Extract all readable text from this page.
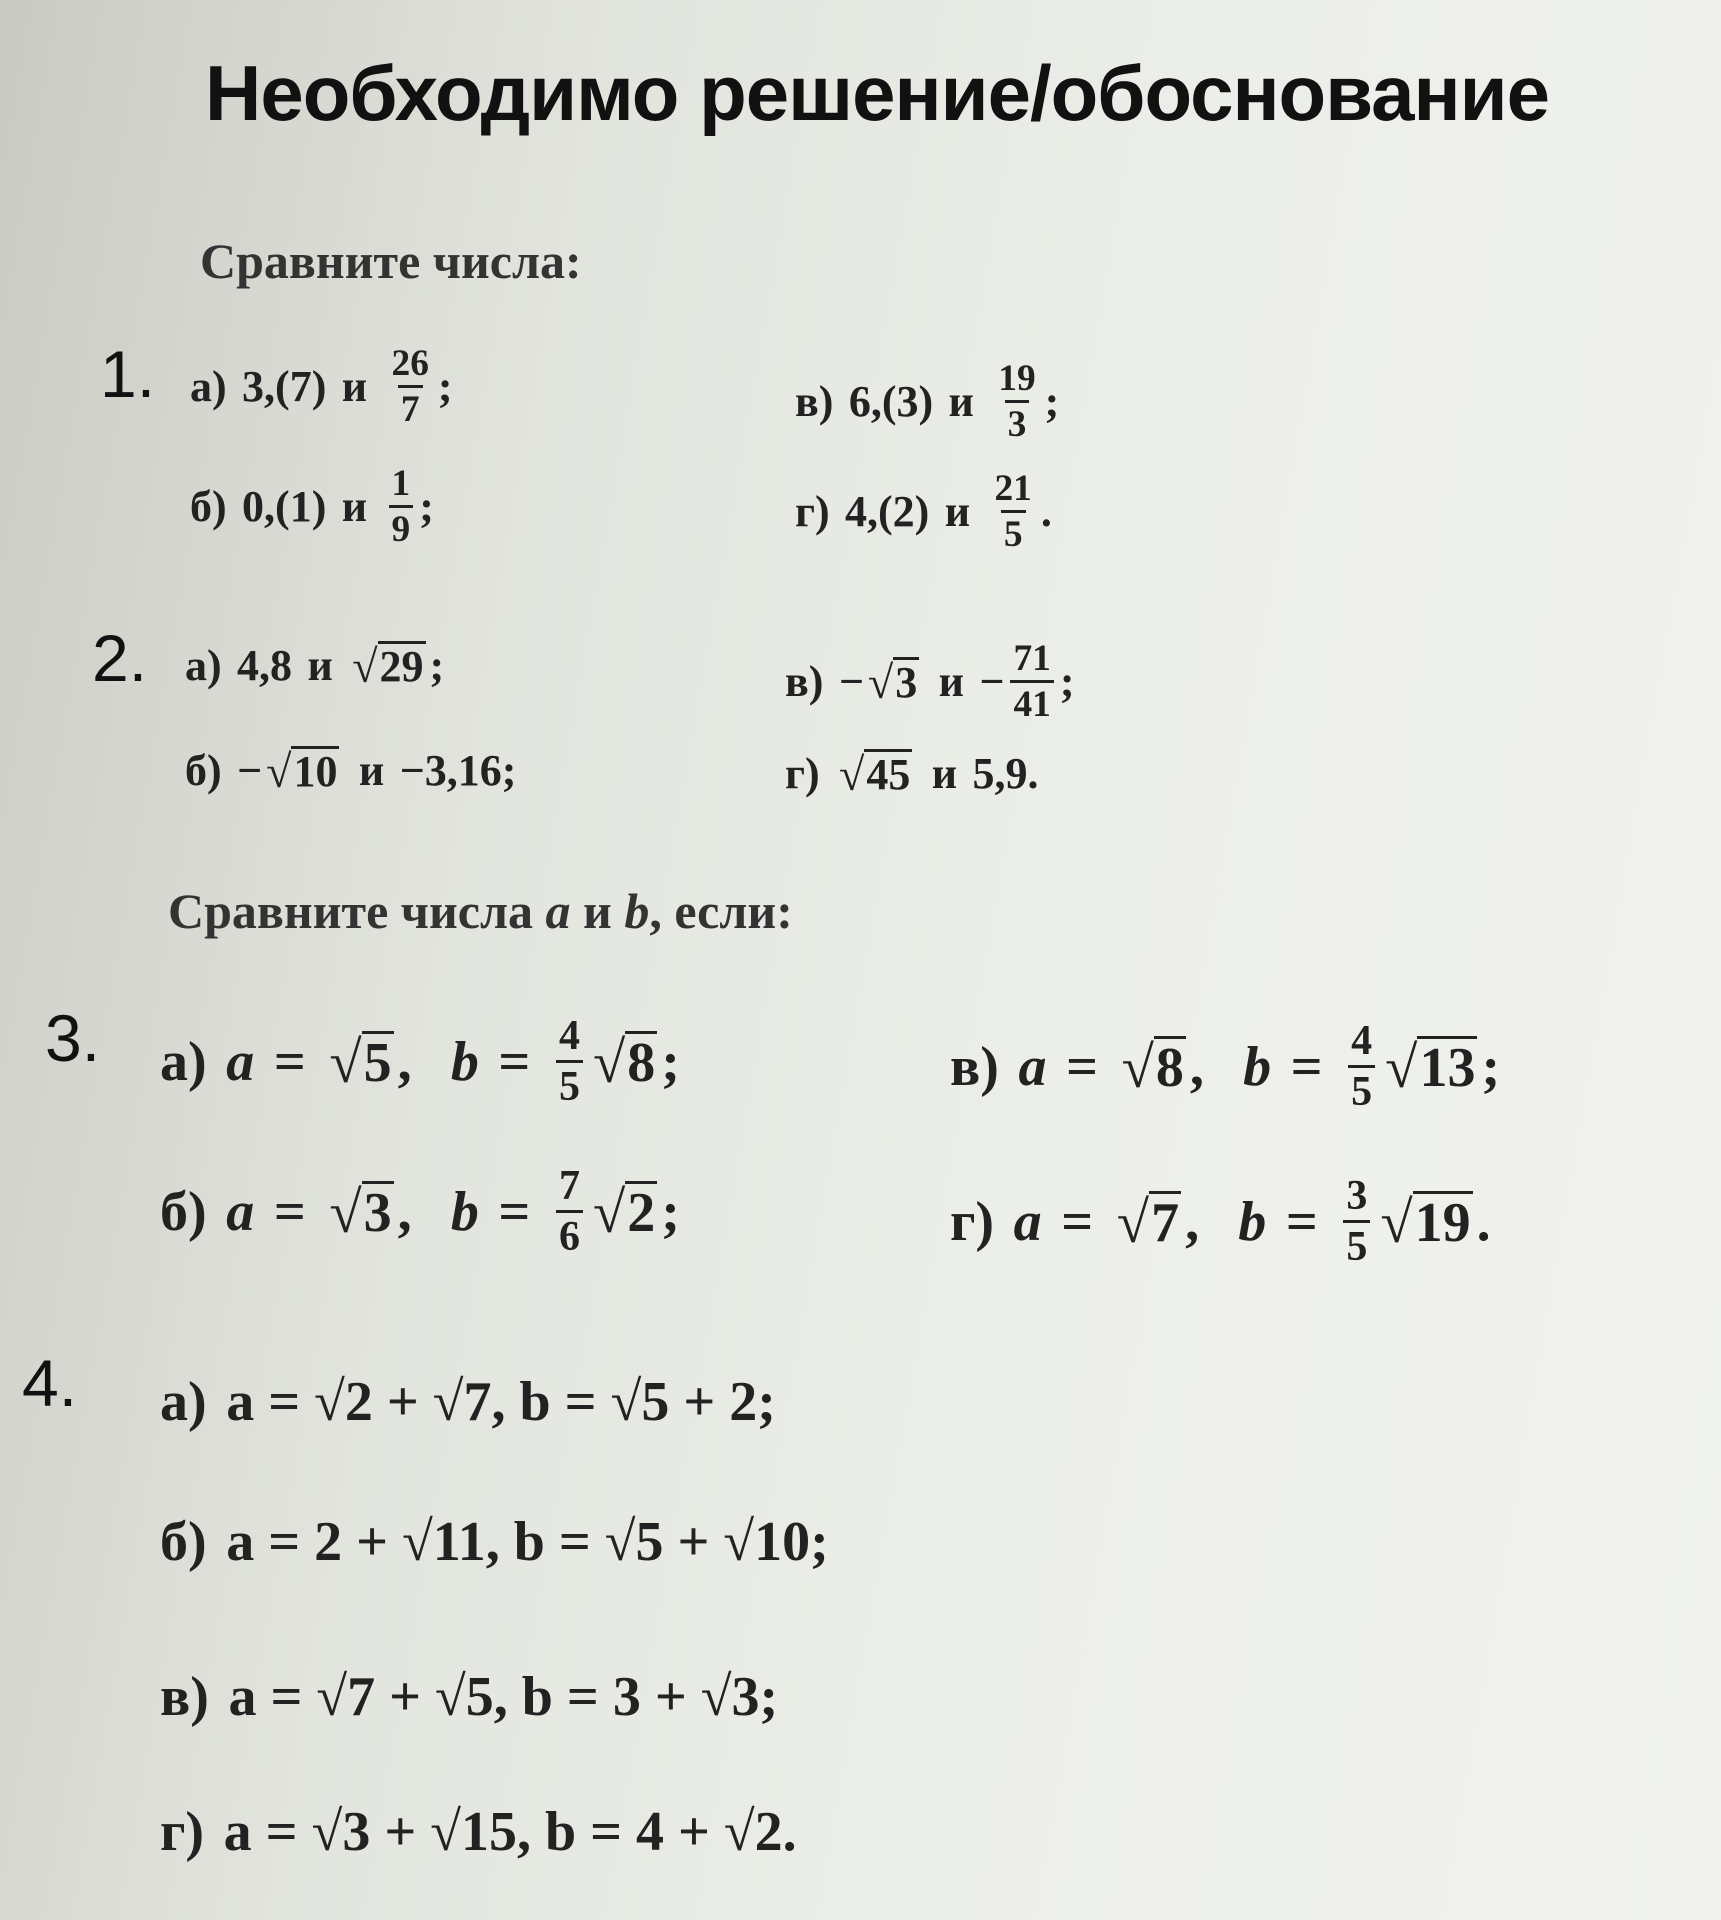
Необходимо решение/обоснование
Сравните числа:
1. а) 3,(7) и $\frac{26}{7}$ ;
б) 0,(1) и $\frac{1}{9}$ ;
в) 6,(3) и $\frac{19}{3}$ ;
г) 4,(2) и $\frac{21}{5}$ .
2. а) 4,8 и √ 29 ;
б) − √ 10 и −3,16 ;
в) − √ 3 $и - \frac{71}{41}$ ;
г) √ 45 и 5,9 .
Сравните числа a и b, если:
3. а) a = √ 5 , $b = \frac{4}{5}$ √ 8 ;
б) a = √ 3 , $b = \frac{7}{6}$ √ 2 ;
в) a = √ 8 , $b = \frac{4}{5}$ √ 13 ;
г) a = √ 7 , $b = \frac{3}{5}$ √ 19 .
4. а) a = √2 + √7, b = √5 + 2;
б) a = 2 + √11, b = √5 + √10;
в) a = √7 + √5, b = 3 + √3;
г) a = √3 + √15, b = 4 + √2.
